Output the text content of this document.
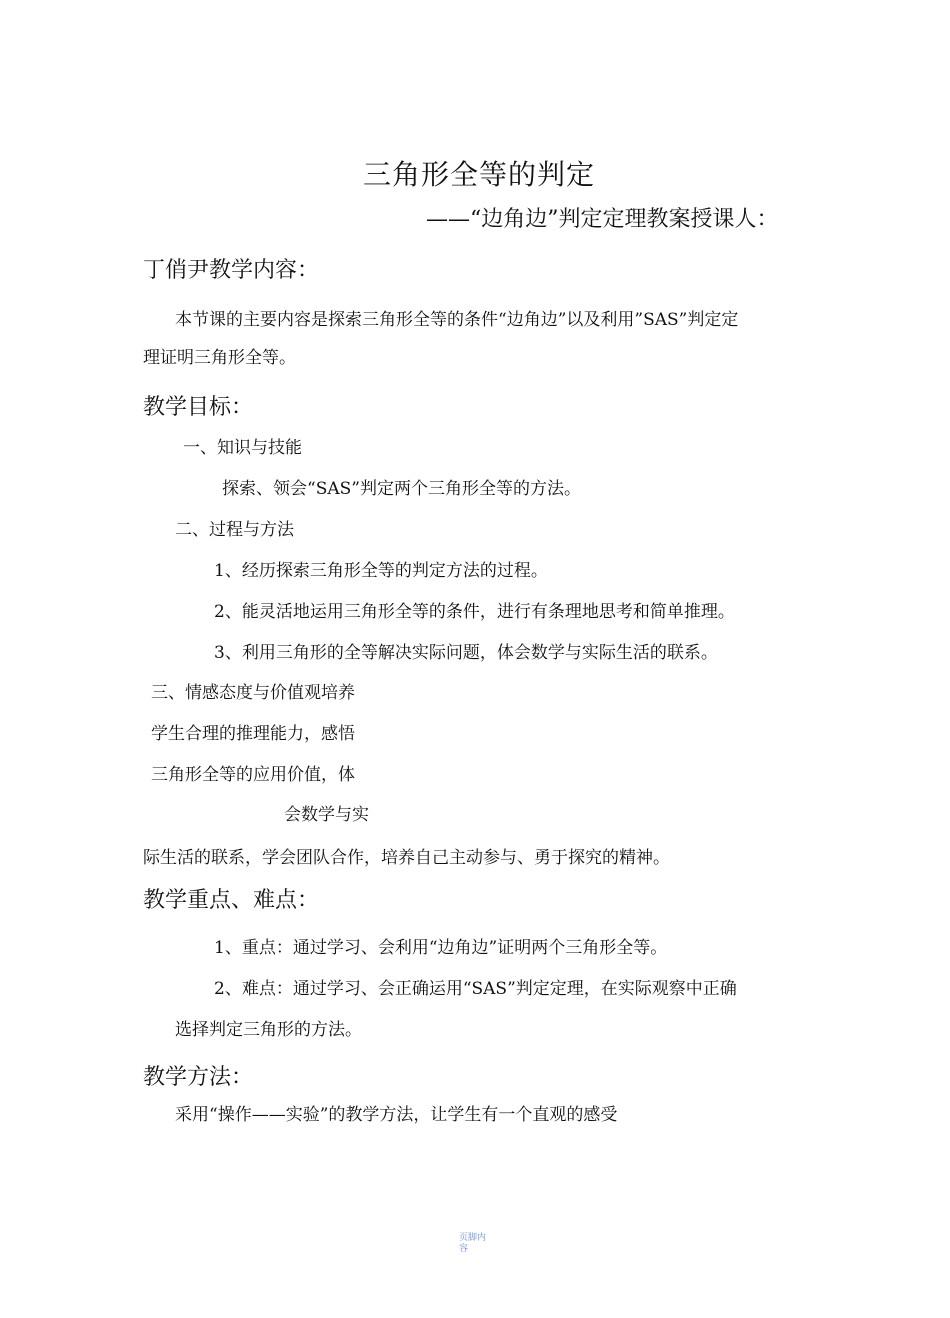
三角形全等的判定
——“边角边”判定定理教案授课人：
丁俏尹教学内容：
本节课的主要内容是探索三角形全等的条件“边角边”以及利用”SAS”判定定
理证明三角形全等。
教学目标：
一、知识与技能
探索、领会“SAS”判定两个三角形全等的方法。
二、过程与方法
1、经历探索三角形全等的判定方法的过程。
2、能灵活地运用三角形全等的条件，进行有条理地思考和简单推理。
3、利用三角形的全等解决实际问题，体会数学与实际生活的联系。
三、情感态度与价值观培养
学生合理的推理能力，感悟
三角形全等的应用价值，体
会数学与实
际生活的联系，学会团队合作，培养自己主动参与、勇于探究的精神。
教学重点、难点：
1、重点：通过学习、会利用“边角边”证明两个三角形全等。
2、难点：通过学习、会正确运用“SAS”判定定理，在实际观察中正确
选择判定三角形的方法。
教学方法：
采用“操作——实验”的教学方法，让学生有一个直观的感受
页脚内容
